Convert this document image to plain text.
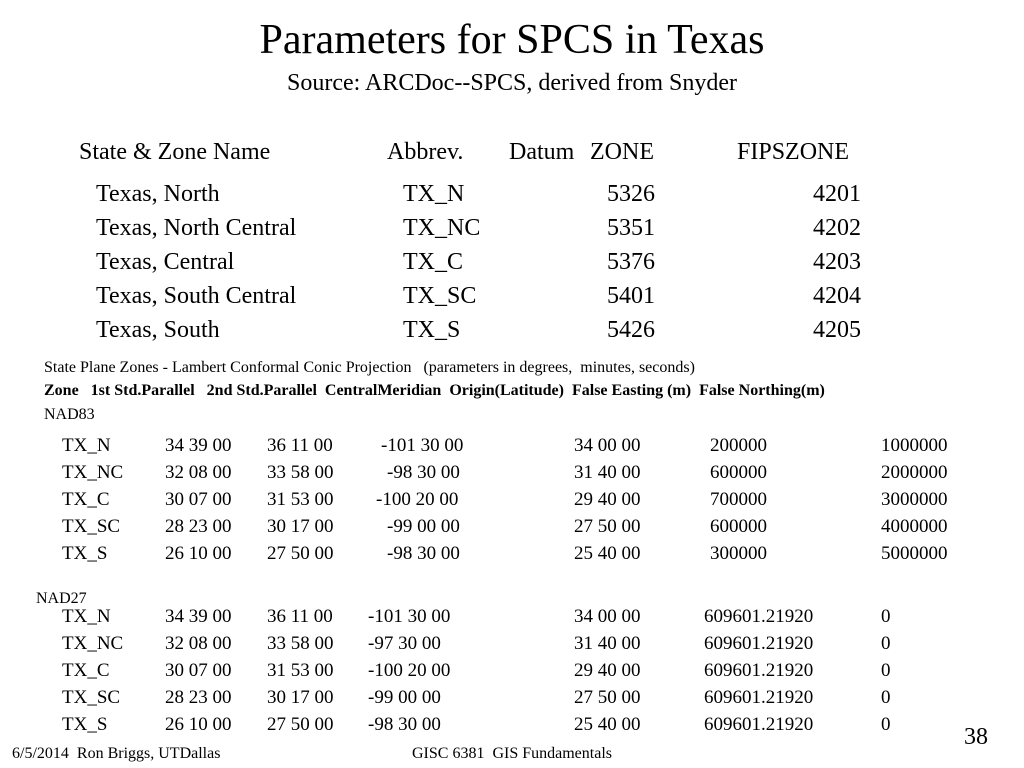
Parameters for SPCS in Texas
Source: ARCDoc--SPCS, derived from Snyder
State & Zone Name	Abbrev. Datum ZONE	FIPSZONE
Texas, North	TX_N	5326	4201
Texas, North Central	TX_NC	5351	4202
Texas, Central	TX_C	5376	4203
Texas, South Central	TX_SC	5401	4204
Texas, South	TX_S	5426	4205
State Plane Zones - Lambert Conformal Conic Projection   (parameters in degrees,  minutes, seconds)
Zone   1st Std.Parallel   2nd Std.Parallel  CentralMeridian  Origin(Latitude)  False Easting (m)  False Northing(m)
NAD83
TX_N	34 39 00 36 11 00	-101 30 00	34 00 00	200000	1000000
TX_NC 32 08 00 33 58 00	-98 30 00	31 40 00	600000	2000000
TX_C	30 07 00 31 53 00 -100 20 00	29 40 00	700000	3000000
TX_SC 28 23 00 30 17 00	-99 00 00	27 50 00	600000	4000000
TX_S	26 10 00 27 50 00	-98 30 00	25 40 00	300000	5000000
NAD27
TX_N	34 39 00 36 11 00 -101 30 00	34 00 00	609601.21920	0
TX_NC 32 08 00 33 58 00 -97 30 00	31 40 00	609601.21920	0
TX_C	30 07 00 31 53 00 -100 20 00	29 40 00	609601.21920	0
TX_SC 28 23 00 30 17 00 -99 00 00	27 50 00	609601.21920	0
TX_S	26 10 00 27 50 00 -98 30 00	25 40 00	609601.21920	0
6/5/2014  Ron Briggs, UTDallas	GISC 6381  GIS Fundamentals
38
